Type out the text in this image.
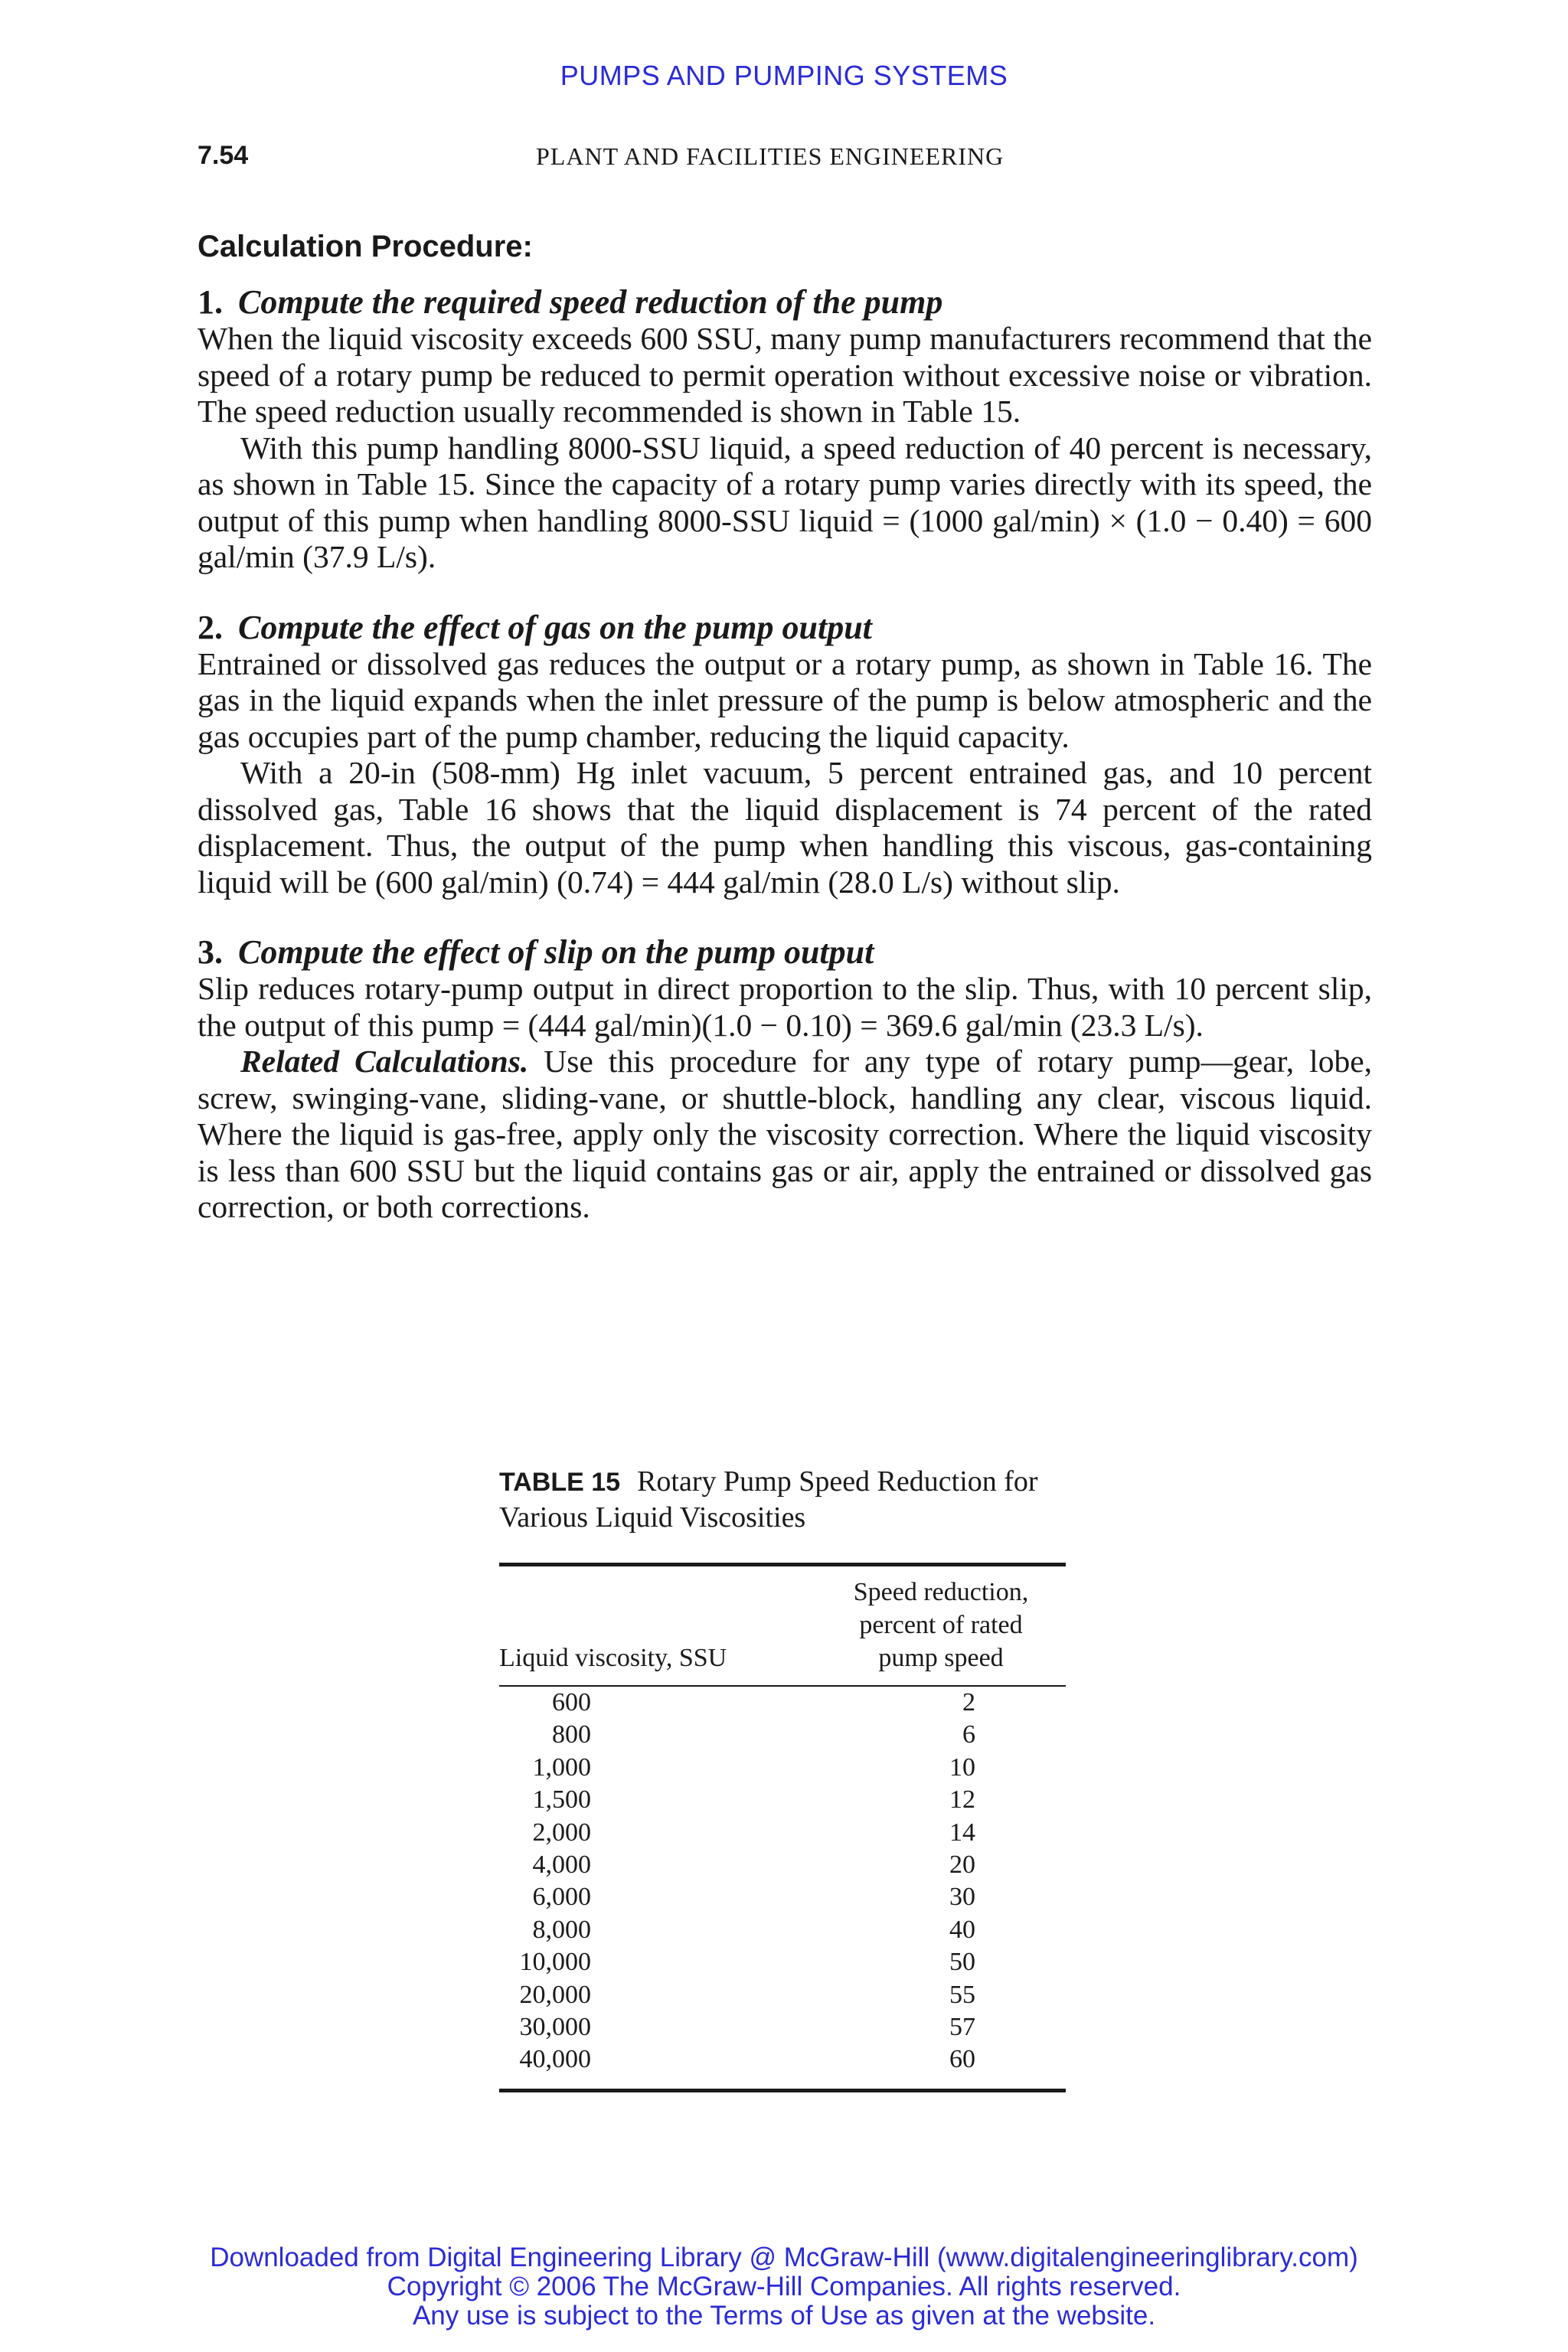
PUMPS AND PUMPING SYSTEMS
7.54	PLANT AND FACILITIES ENGINEERING
Calculation Procedure:
1. Compute the required speed reduction of the pump

When the liquid viscosity exceeds 600 SSU, many pump manufacturers recommend that the speed of a rotary pump be reduced to permit operation without excessive noise or vibration. The speed reduction usually recommended is shown in Table 15.

With this pump handling 8000-SSU liquid, a speed reduction of 40 percent is necessary, as shown in Table 15. Since the capacity of a rotary pump varies directly with its speed, the output of this pump when handling 8000-SSU liquid = (1000 gal/min) × (1.0 − 0.40) = 600 gal/min (37.9 L/s).

2. Compute the effect of gas on the pump output

Entrained or dissolved gas reduces the output or a rotary pump, as shown in Table 16. The gas in the liquid expands when the inlet pressure of the pump is below atmospheric and the gas occupies part of the pump chamber, reducing the liquid capacity.

With a 20-in (508-mm) Hg inlet vacuum, 5 percent entrained gas, and 10 percent dissolved gas, Table 16 shows that the liquid displacement is 74 percent of the rated displacement. Thus, the output of the pump when handling this viscous, gas-containing liquid will be (600 gal/min) (0.74) = 444 gal/min (28.0 L/s) without slip.

3. Compute the effect of slip on the pump output

Slip reduces rotary-pump output in direct proportion to the slip. Thus, with 10 percent slip, the output of this pump = (444 gal/min)(1.0 − 0.10) = 369.6 gal/min (23.3 L/s).

Related Calculations. Use this procedure for any type of rotary pump—gear, lobe, screw, swinging-vane, sliding-vane, or shuttle-block, handling any clear, viscous liquid. Where the liquid is gas-free, apply only the viscosity correction. Where the liquid viscosity is less than 600 SSU but the liquid contains gas or air, apply the entrained or dissolved gas correction, or both corrections.

TABLE 15 Rotary Pump Speed Reduction for Various Liquid Viscosities
Liquid viscosity, SSU	Speed reduction,
percent of rated
pump speed

600	2
800	6
1,000	10
1,500	12
2,000	14
4,000	20
6,000	30
8,000	40
10,000	50
20,000	55
30,000	57
40,000	60
Downloaded from Digital Engineering Library @ McGraw-Hill (www.digitalengineeringlibrary.com)
Copyright © 2006 The McGraw-Hill Companies. All rights reserved.
Any use is subject to the Terms of Use as given at the website.
